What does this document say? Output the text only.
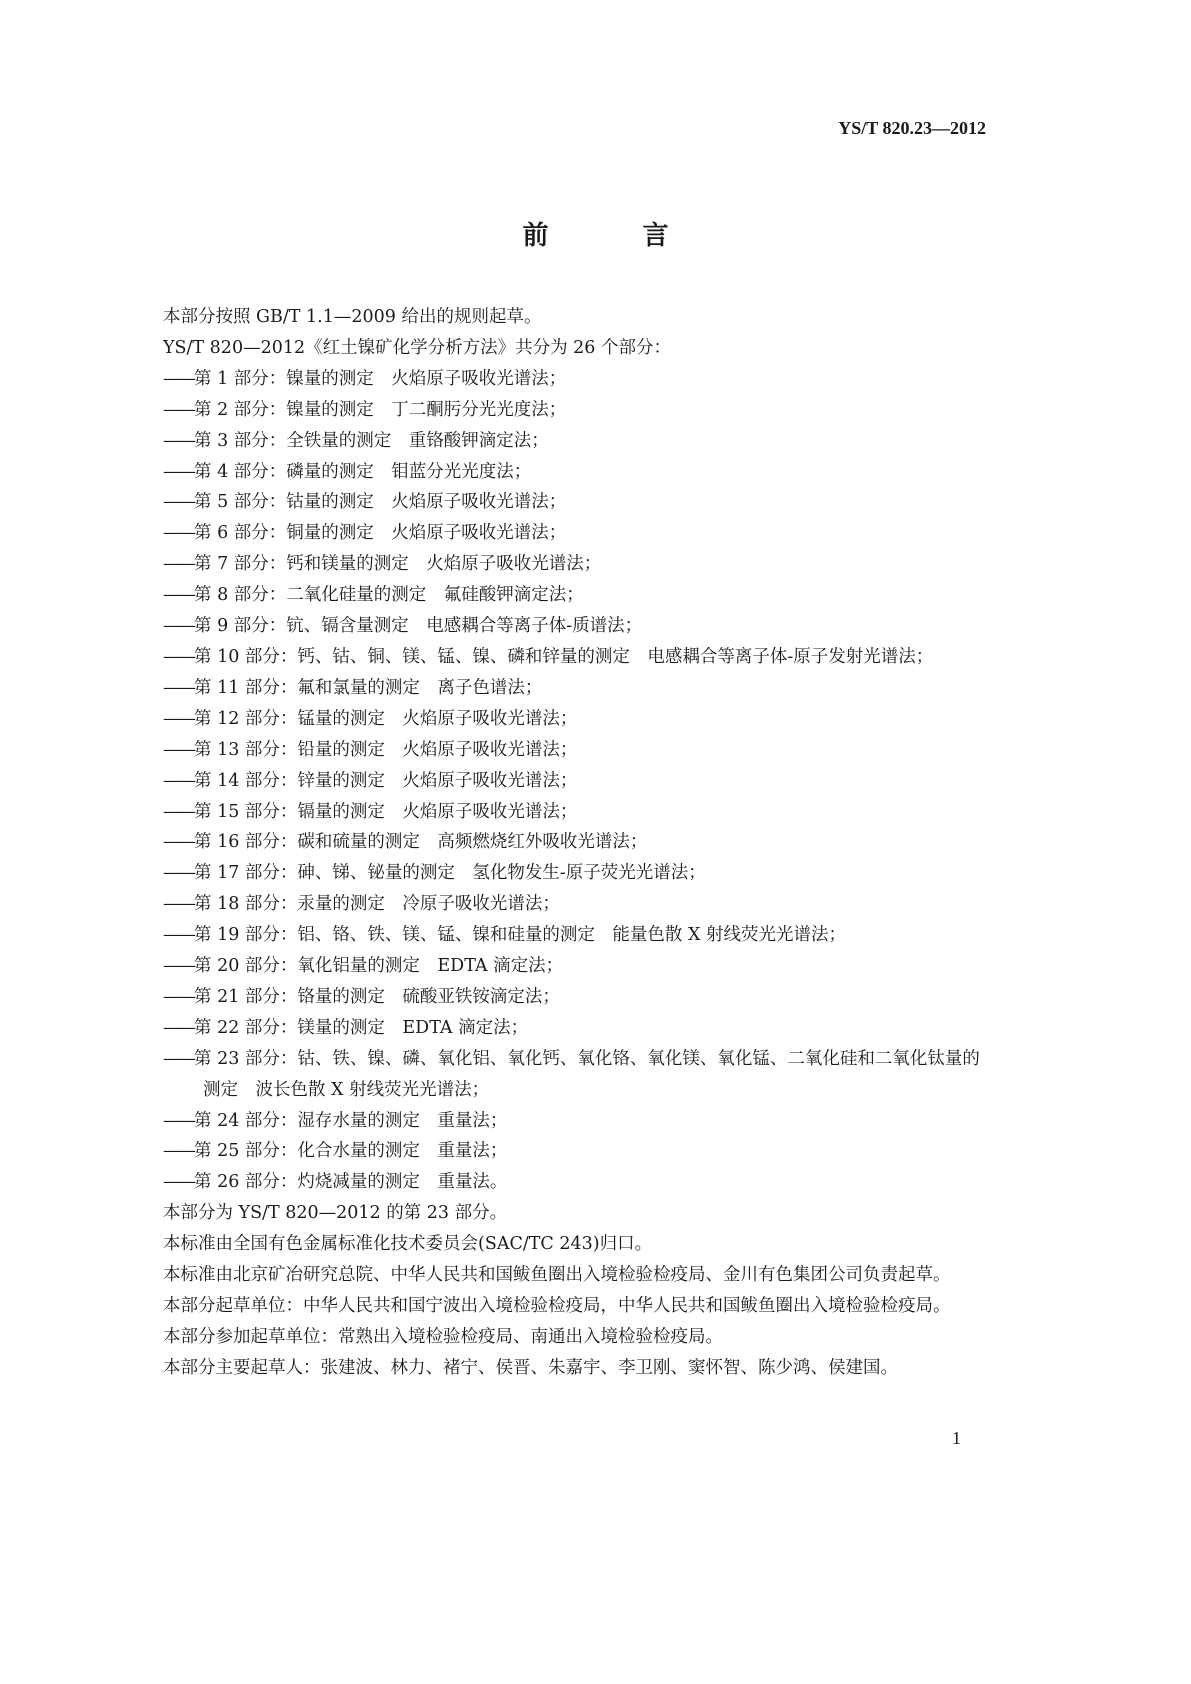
YS/T 820.23—2012
前　言

本部分按照 GB/T 1.1—2009 给出的规则起草。

YS/T 820—2012《红土镍矿化学分析方法》共分为 26 个部分：

——第 1 部分：镍量的测定　火焰原子吸收光谱法；
——第 2 部分：镍量的测定　丁二酮肟分光光度法；
——第 3 部分：全铁量的测定　重铬酸钾滴定法；
——第 4 部分：磷量的测定　钼蓝分光光度法；
——第 5 部分：钴量的测定　火焰原子吸收光谱法；
——第 6 部分：铜量的测定　火焰原子吸收光谱法；
——第 7 部分：钙和镁量的测定　火焰原子吸收光谱法；
——第 8 部分：二氧化硅量的测定　氟硅酸钾滴定法；
——第 9 部分：钪、镉含量测定　电感耦合等离子体-质谱法；
——第 10 部分：钙、钴、铜、镁、锰、镍、磷和锌量的测定　电感耦合等离子体-原子发射光谱法；
——第 11 部分：氟和氯量的测定　离子色谱法；
——第 12 部分：锰量的测定　火焰原子吸收光谱法；
——第 13 部分：铅量的测定　火焰原子吸收光谱法；
——第 14 部分：锌量的测定　火焰原子吸收光谱法；
——第 15 部分：镉量的测定　火焰原子吸收光谱法；
——第 16 部分：碳和硫量的测定　高频燃烧红外吸收光谱法；
——第 17 部分：砷、锑、铋量的测定　氢化物发生-原子荧光光谱法；
——第 18 部分：汞量的测定　冷原子吸收光谱法；
——第 19 部分：铝、铬、铁、镁、锰、镍和硅量的测定　能量色散 X 射线荧光光谱法；
——第 20 部分：氧化铝量的测定　EDTA 滴定法；
——第 21 部分：铬量的测定　硫酸亚铁铵滴定法；
——第 22 部分：镁量的测定　EDTA 滴定法；
——第 23 部分：钴、铁、镍、磷、氧化铝、氧化钙、氧化铬、氧化镁、氧化锰、二氧化硅和二氧化钛量的
测定　波长色散 X 射线荧光光谱法；
——第 24 部分：湿存水量的测定　重量法；
——第 25 部分：化合水量的测定　重量法；
——第 26 部分：灼烧减量的测定　重量法。

本部分为 YS/T 820—2012 的第 23 部分。

本标准由全国有色金属标准化技术委员会(SAC/TC 243)归口。

本标准由北京矿冶研究总院、中华人民共和国鲅鱼圈出入境检验检疫局、金川有色集团公司负责起草。

本部分起草单位：中华人民共和国宁波出入境检验检疫局，中华人民共和国鲅鱼圈出入境检验检疫局。

本部分参加起草单位：常熟出入境检验检疫局、南通出入境检验检疫局。

本部分主要起草人：张建波、林力、褚宁、侯晋、朱嘉宇、李卫刚、窦怀智、陈少鸿、侯建国。

1
